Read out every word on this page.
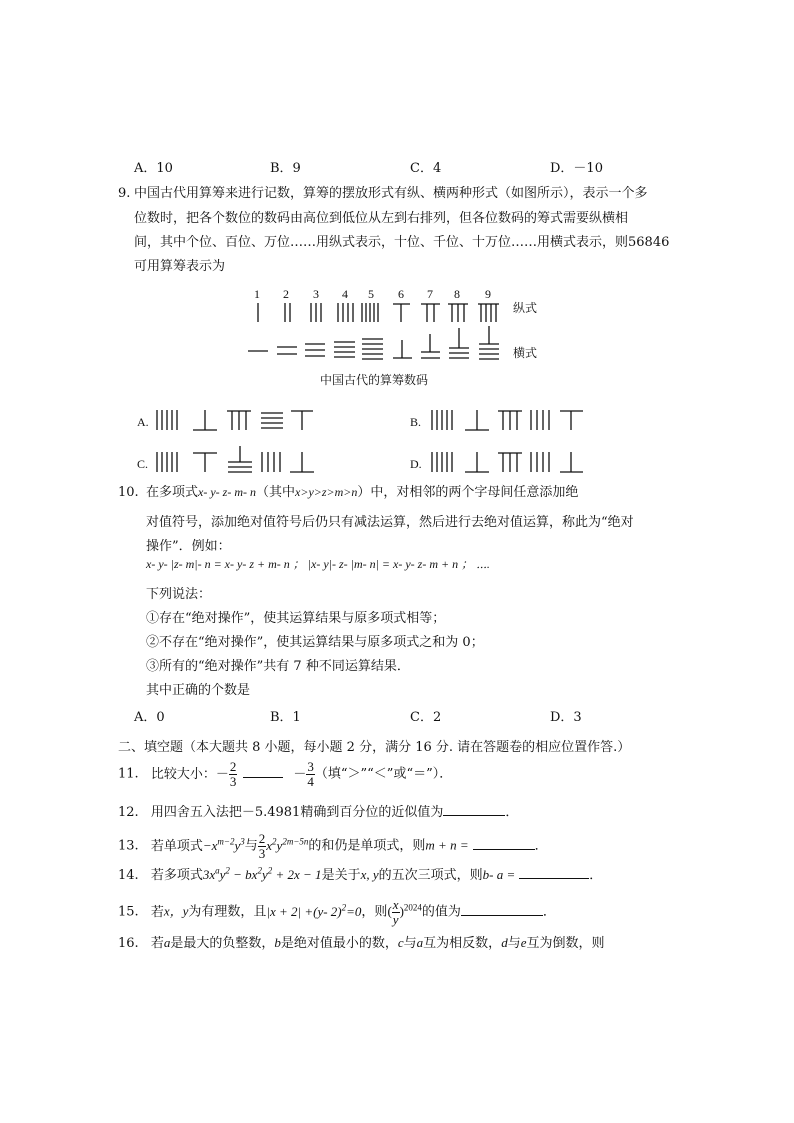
A．10	B．9	C．4	D．－10
9. 中国古代用算筹来进行记数，算筹的摆放形式有纵、横两种形式（如图所示），表示一个多
位数时，把各个数位的数码由高位到低位从左到右排列，但各位数码的筹式需要纵横相
间，其中个位、百位、万位……用纵式表示，十位、千位、十万位……用横式表示，则56846
可用算筹表示为
1 2 3 4 5 6 7 8 9
纵式
横式
中国古代的算筹数码
A.	B.
C.	D.
10. 在多项式x- y- z- m- n（其中x>y>z>m>n）中，对相邻的两个字母间任意添加绝
对值符号，添加绝对值符号后仍只有减法运算，然后进行去绝对值运算，称此为“绝对
操作”．例如：
x- y- |z- m|- n = x- y- z + m- n ； |x- y|- z- |m- n| = x- y- z- m + n ； ⋯.
下列说法：
①存在“绝对操作”，使其运算结果与原多项式相等；
②不存在“绝对操作”，使其运算结果与原多项式之和为 0；
③所有的“绝对操作”共有 7 种不同运算结果．
其中正确的个数是
A．0	B．1	C．2	D．3
二、填空题（本大题共 8 小题，每小题 2 分，满分 16 分. 请在答题卷的相应位置作答.）
11. 比较大小：－ $\frac{2}{3}$	－ $\frac{3}{4}$ （填“＞”“＜”或“＝”）．
12. 用四舍五入法把－5.4981精确到百分位的近似值为	．
13. 若单项式$-x^{m-2}y^3$与 $\frac{2}{3} x^2y^{2m-5n}$的和仍是单项式，则m + n =	．
14. 若多项式$3x^ay^2 - bx^2y^2 + 2x - 1$是关于x, y的五次三项式，则b- a =	．
15. 若x，y为有理数，且|x + 2| +(y- 2)$^2$=0，则( $\frac{x}{y} )^{2024}$的值为	．
16. 若a是最大的负整数，b是绝对值最小的数，c与a互为相反数，d与e互为倒数，则
